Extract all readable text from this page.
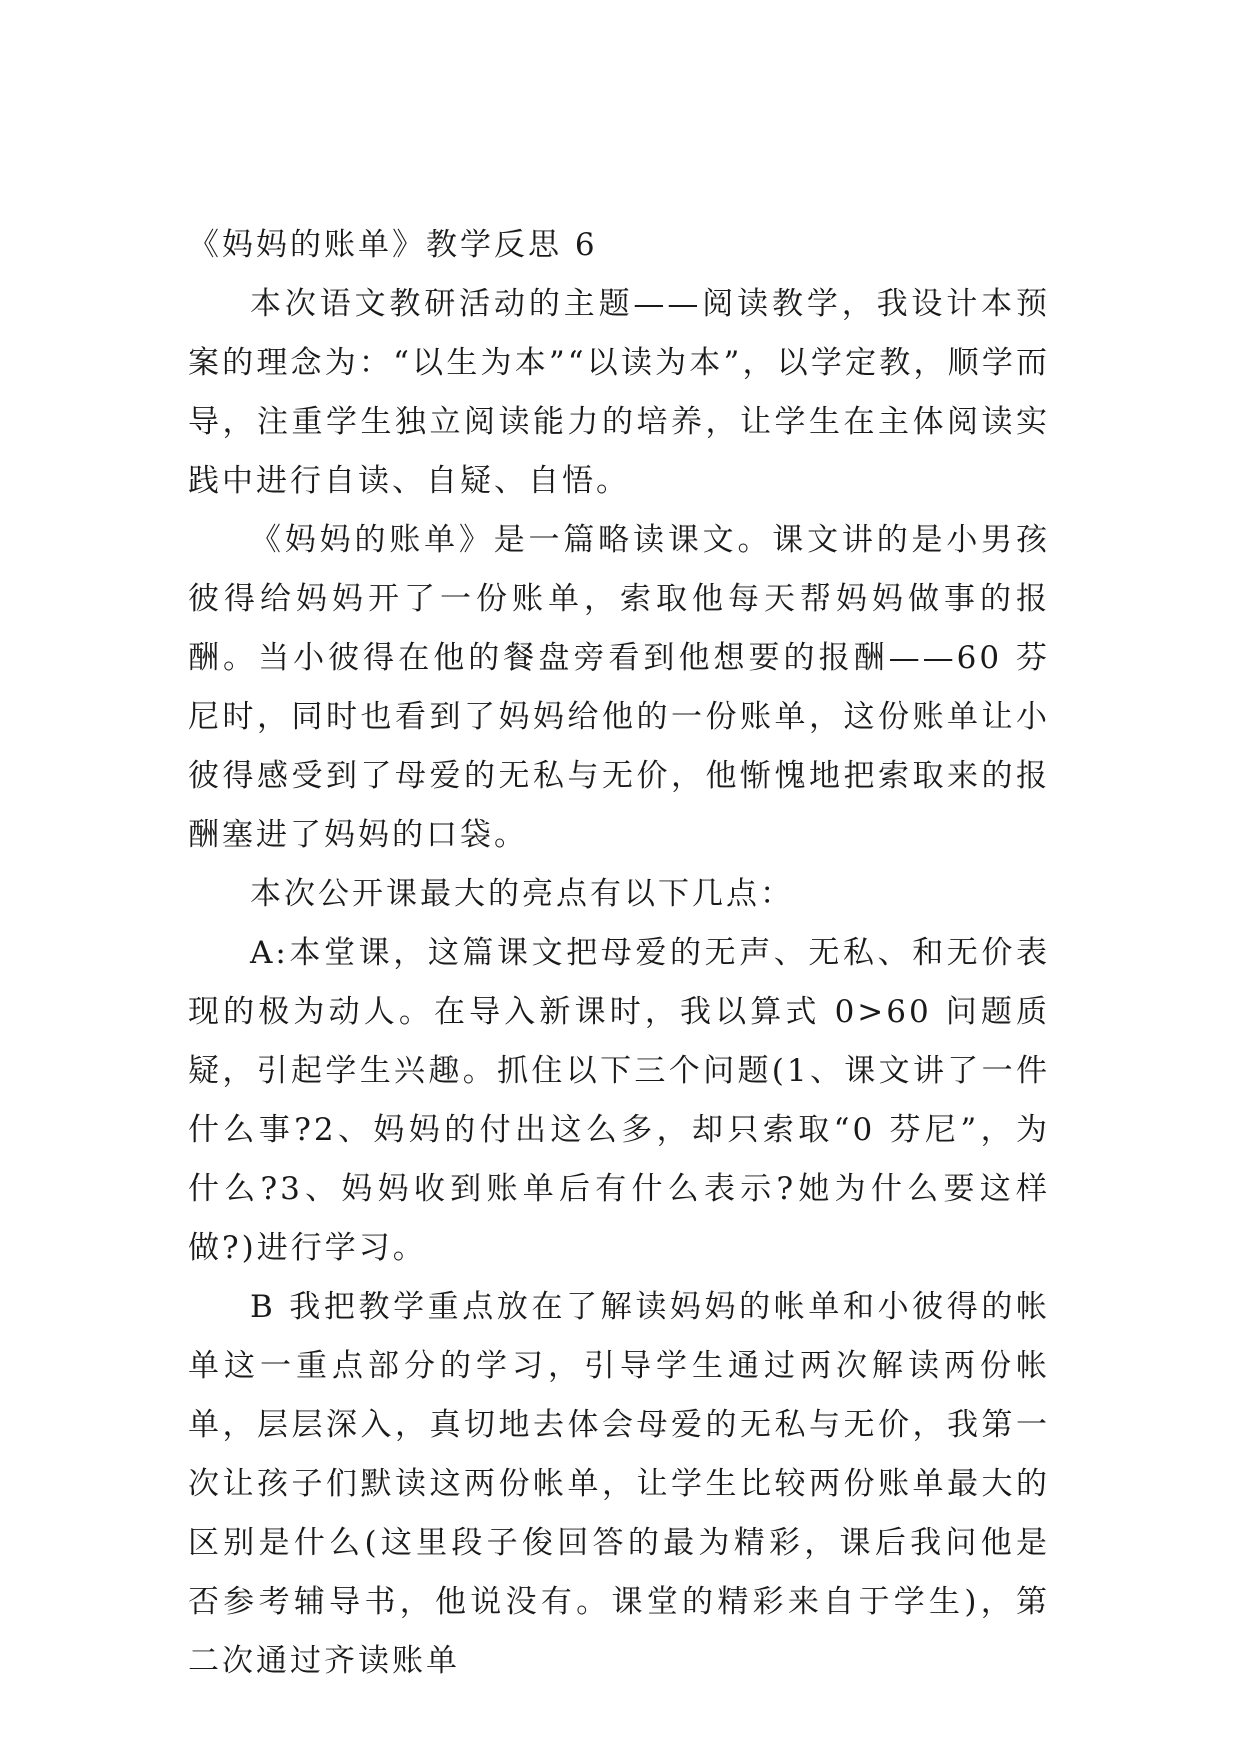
《妈妈的账单》教学反思 6

本次语文教研活动的主题——阅读教学，我设计本预案的理念为：“以生为本”“以读为本”，以学定教，顺学而导，注重学生独立阅读能力的培养，让学生在主体阅读实践中进行自读、自疑、自悟。

《妈妈的账单》是一篇略读课文。课文讲的是小男孩彼得给妈妈开了一份账单，索取他每天帮妈妈做事的报酬。当小彼得在他的餐盘旁看到他想要的报酬——60 芬尼时，同时也看到了妈妈给他的一份账单，这份账单让小彼得感受到了母爱的无私与无价，他惭愧地把索取来的报酬塞进了妈妈的口袋。

本次公开课最大的亮点有以下几点：

A:本堂课，这篇课文把母爱的无声、无私、和无价表现的极为动人。在导入新课时，我以算式 0>60 问题质疑，引起学生兴趣。抓住以下三个问题(1、课文讲了一件什么事?2、妈妈的付出这么多，却只索取“0 芬尼”，为什么?3、妈妈收到账单后有什么表示?她为什么要这样做?)进行学习。

B 我把教学重点放在了解读妈妈的帐单和小彼得的帐单这一重点部分的学习，引导学生通过两次解读两份帐单，层层深入，真切地去体会母爱的无私与无价，我第一次让孩子们默读这两份帐单，让学生比较两份账单最大的区别是什么(这里段子俊回答的最为精彩，课后我问他是否参考辅导书，他说没有。课堂的精彩来自于学生)，第二次通过齐读账单
